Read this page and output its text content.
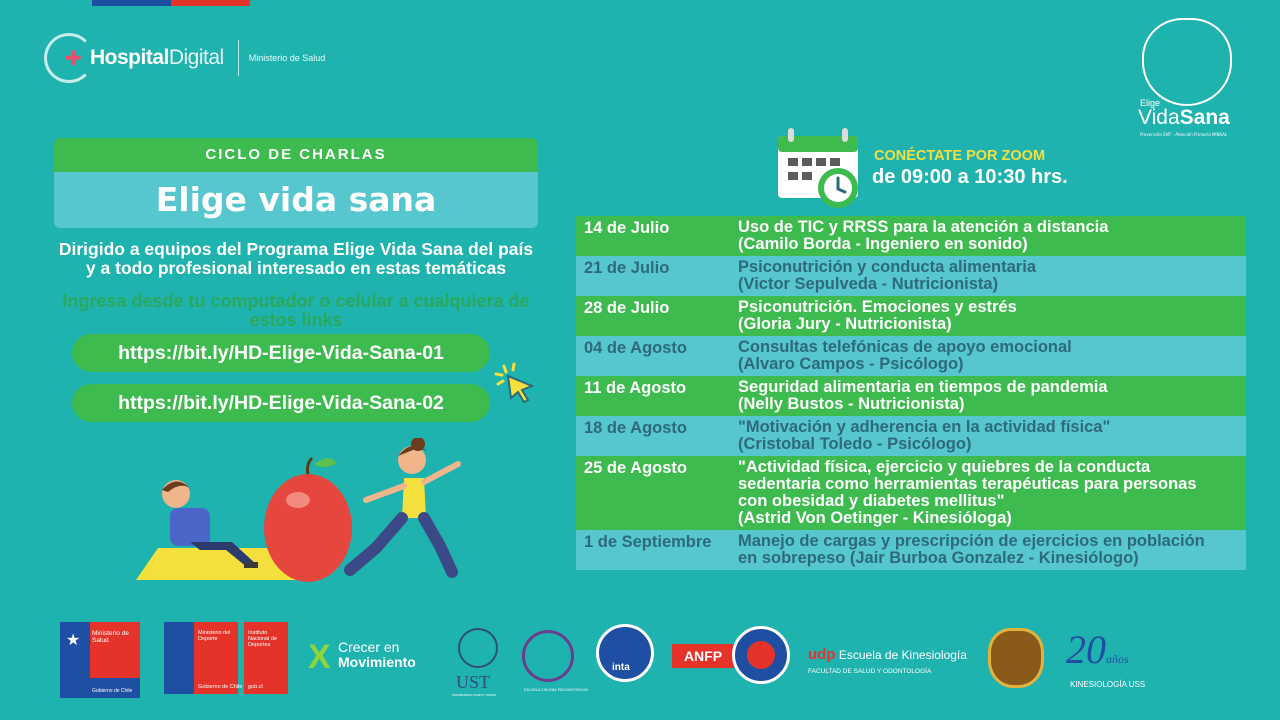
✚ HospitalDigital	Ministerio de Salud
Elige
VidaSana
Prevención ENT - Atención Primaria MINSAL
CICLO DE CHARLAS
Elige vida sana
Dirigido a equipos del Programa Elige Vida Sana del país y a todo profesional interesado en estas temáticas
Ingresa desde tu computador o celular a cualquiera de estos links
https://bit.ly/HD-Elige-Vida-Sana-01
https://bit.ly/HD-Elige-Vida-Sana-02
CONÉCTATE POR ZOOM
de 09:00 a 10:30 hrs.
14 de Julio	Uso de TIC y RRSS para la atención a distancia
(Camilo Borda - Ingeniero en sonido)
21 de Julio	Psiconutrición y conducta alimentaria
(Victor Sepulveda - Nutricionista)
28 de Julio	Psiconutrición. Emociones y estrés
(Gloria Jury - Nutricionista)
04 de Agosto	Consultas telefónicas de apoyo emocional
(Alvaro Campos - Psicólogo)
11 de Agosto	Seguridad alimentaria en tiempos de pandemia
(Nelly Bustos - Nutricionista)
18 de Agosto	"Motivación y adherencia en la actividad física"
(Cristobal Toledo - Psicólogo)
25 de Agosto	"Actividad física, ejercicio y quiebres de la conducta
sedentaria como herramientas terapéuticas para personas
con obesidad y diabetes mellitus"
(Astrid Von Oetinger - Kinesióloga)
1 de Septiembre	Manejo de cargas y prescripción de ejercicios en población
en sobrepeso (Jair Burboa Gonzalez - Kinesiólogo)
★ Ministerio de Salud
Gobierno de Chile
Ministerio del Deporte
Gobierno de Chile
Instituto Nacional de Deportes
gob.cl
X Crecer en
Movimiento
UST
UNIVERSIDAD SANTO TOMAS
ESCUELA CHILENA PSICONUTRICIÓN
inta
ANFP	udp Escuela de Kinesiología
FACULTAD DE SALUD Y ODONTOLOGÍA	20años
KINESIOLOGÍA USS
